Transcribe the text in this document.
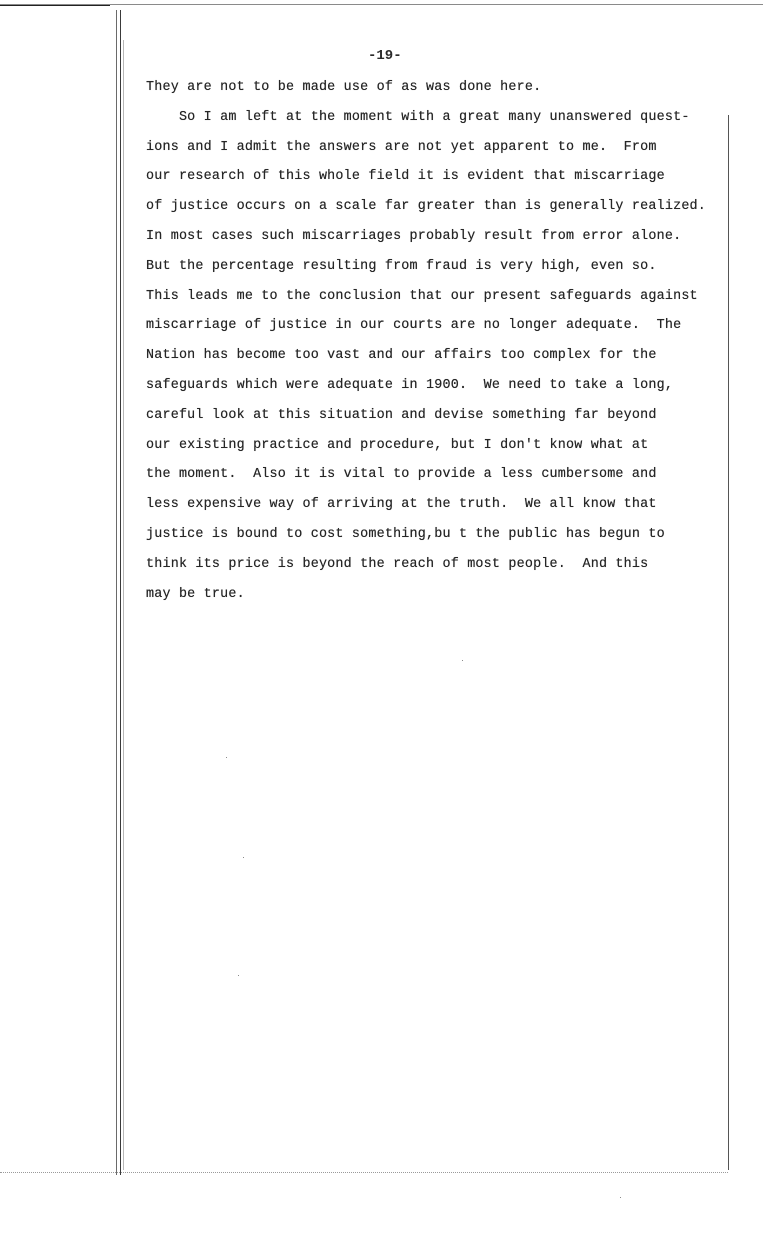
-19-
They are not to be made use of as was done here.
So I am left at the moment with a great many unanswered quest-
ions and I admit the answers are not yet apparent to me.  From
our research of this whole field it is evident that miscarriage
of justice occurs on a scale far greater than is generally realized.
In most cases such miscarriages probably result from error alone.
But the percentage resulting from fraud is very high, even so.
This leads me to the conclusion that our present safeguards against
miscarriage of justice in our courts are no longer adequate.  The
Nation has become too vast and our affairs too complex for the
safeguards which were adequate in 1900.  We need to take a long,
careful look at this situation and devise something far beyond
our existing practice and procedure, but I don't know what at
the moment.  Also it is vital to provide a less cumbersome and
less expensive way of arriving at the truth.  We all know that
justice is bound to cost something,bu t the public has begun to
think its price is beyond the reach of most people.  And this
may be true.
